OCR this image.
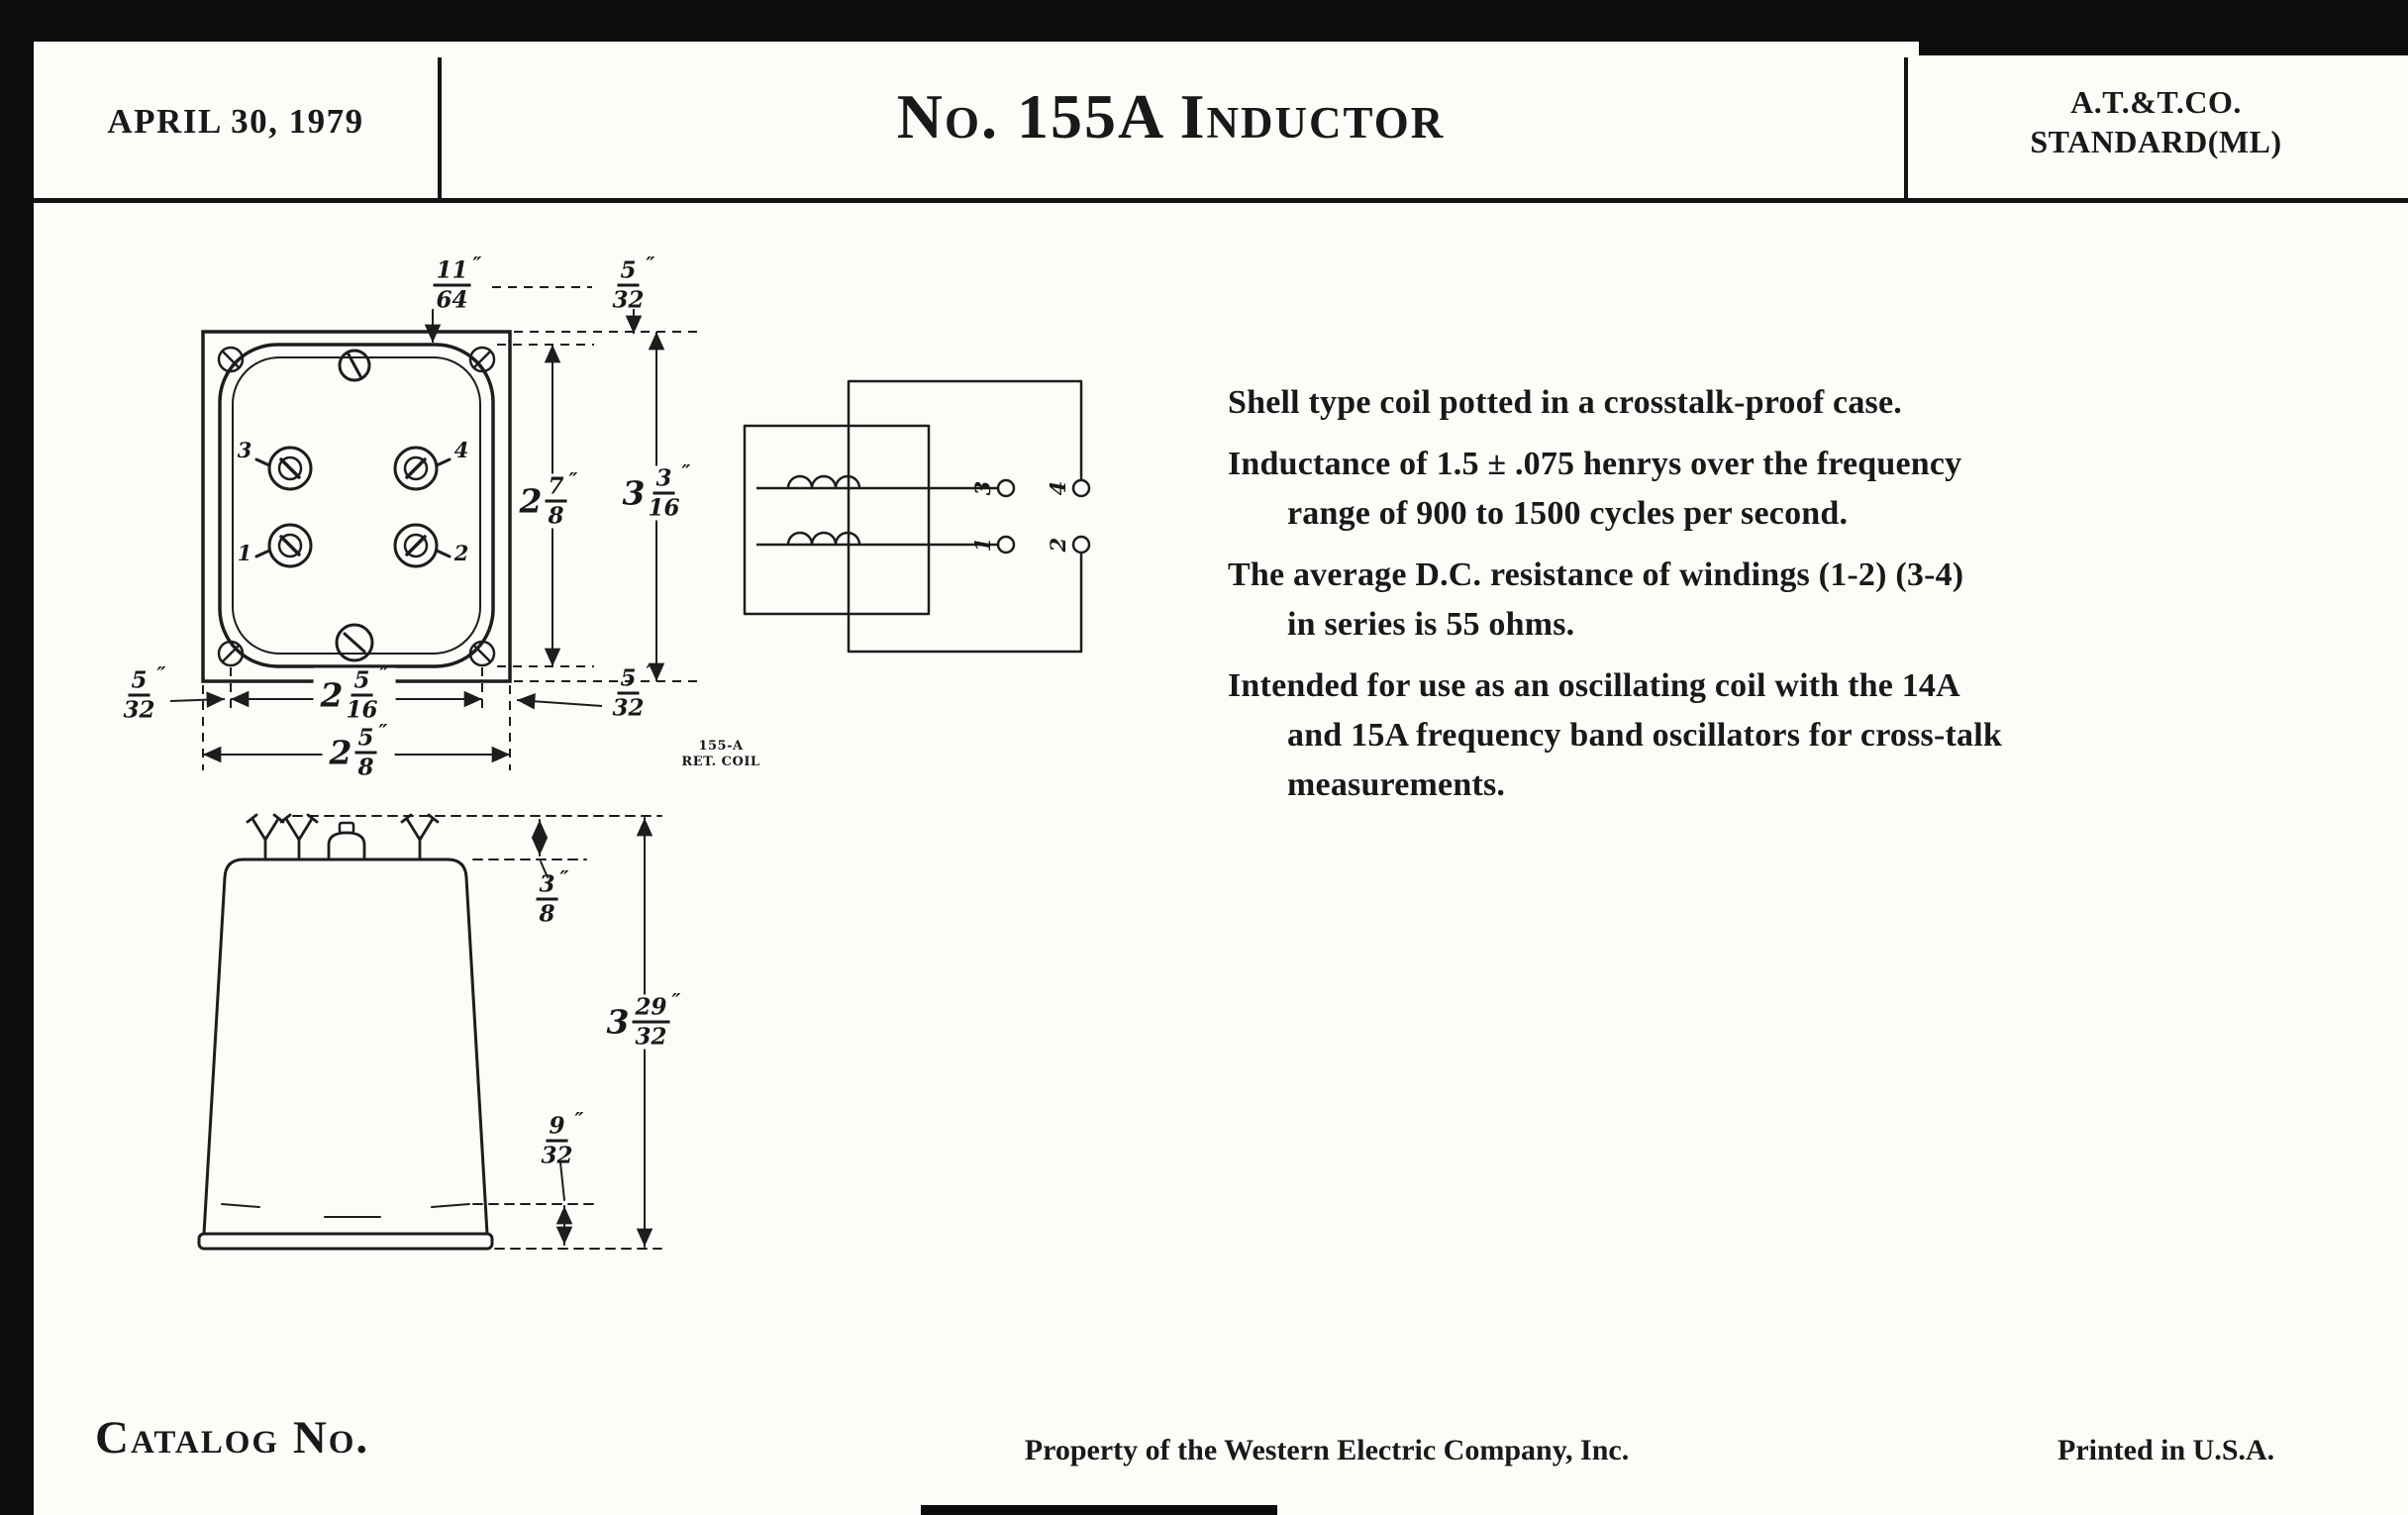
APRIL 30, 1979	No. 155A Inductor	A.T.&T.CO.
STANDARD(ML)
3	4
1	2
3 4
1 2
$\frac{11}{64}$ ″	$\frac{5}{32}$ ″
$2 \frac{7}{8}$ ″ $3 \frac{3}{16}$ ″
$\frac{5}{32}$ ″
$2 \frac{5}{16}$ ″	$\frac{5}{32}$ ″
$2 \frac{5}{8}$ ″
155-A
RET. COIL
$\frac{3}{8}$ ″
$3 \frac{29}{32}$ ″
$\frac{9}{32}$ ″
Shell type coil potted in a crosstalk-proof case.
Inductance of 1.5 ± .075 henrys over the frequency
range of 900 to 1500 cycles per second.
The average D.C. resistance of windings (1-2) (3-4)
in series is 55 ohms.
Intended for use as an oscillating coil with the 14A
and 15A frequency band oscillators for cross-talk
measurements.
Catalog No.	Property of the Western Electric Company, Inc.	Printed in U.S.A.
